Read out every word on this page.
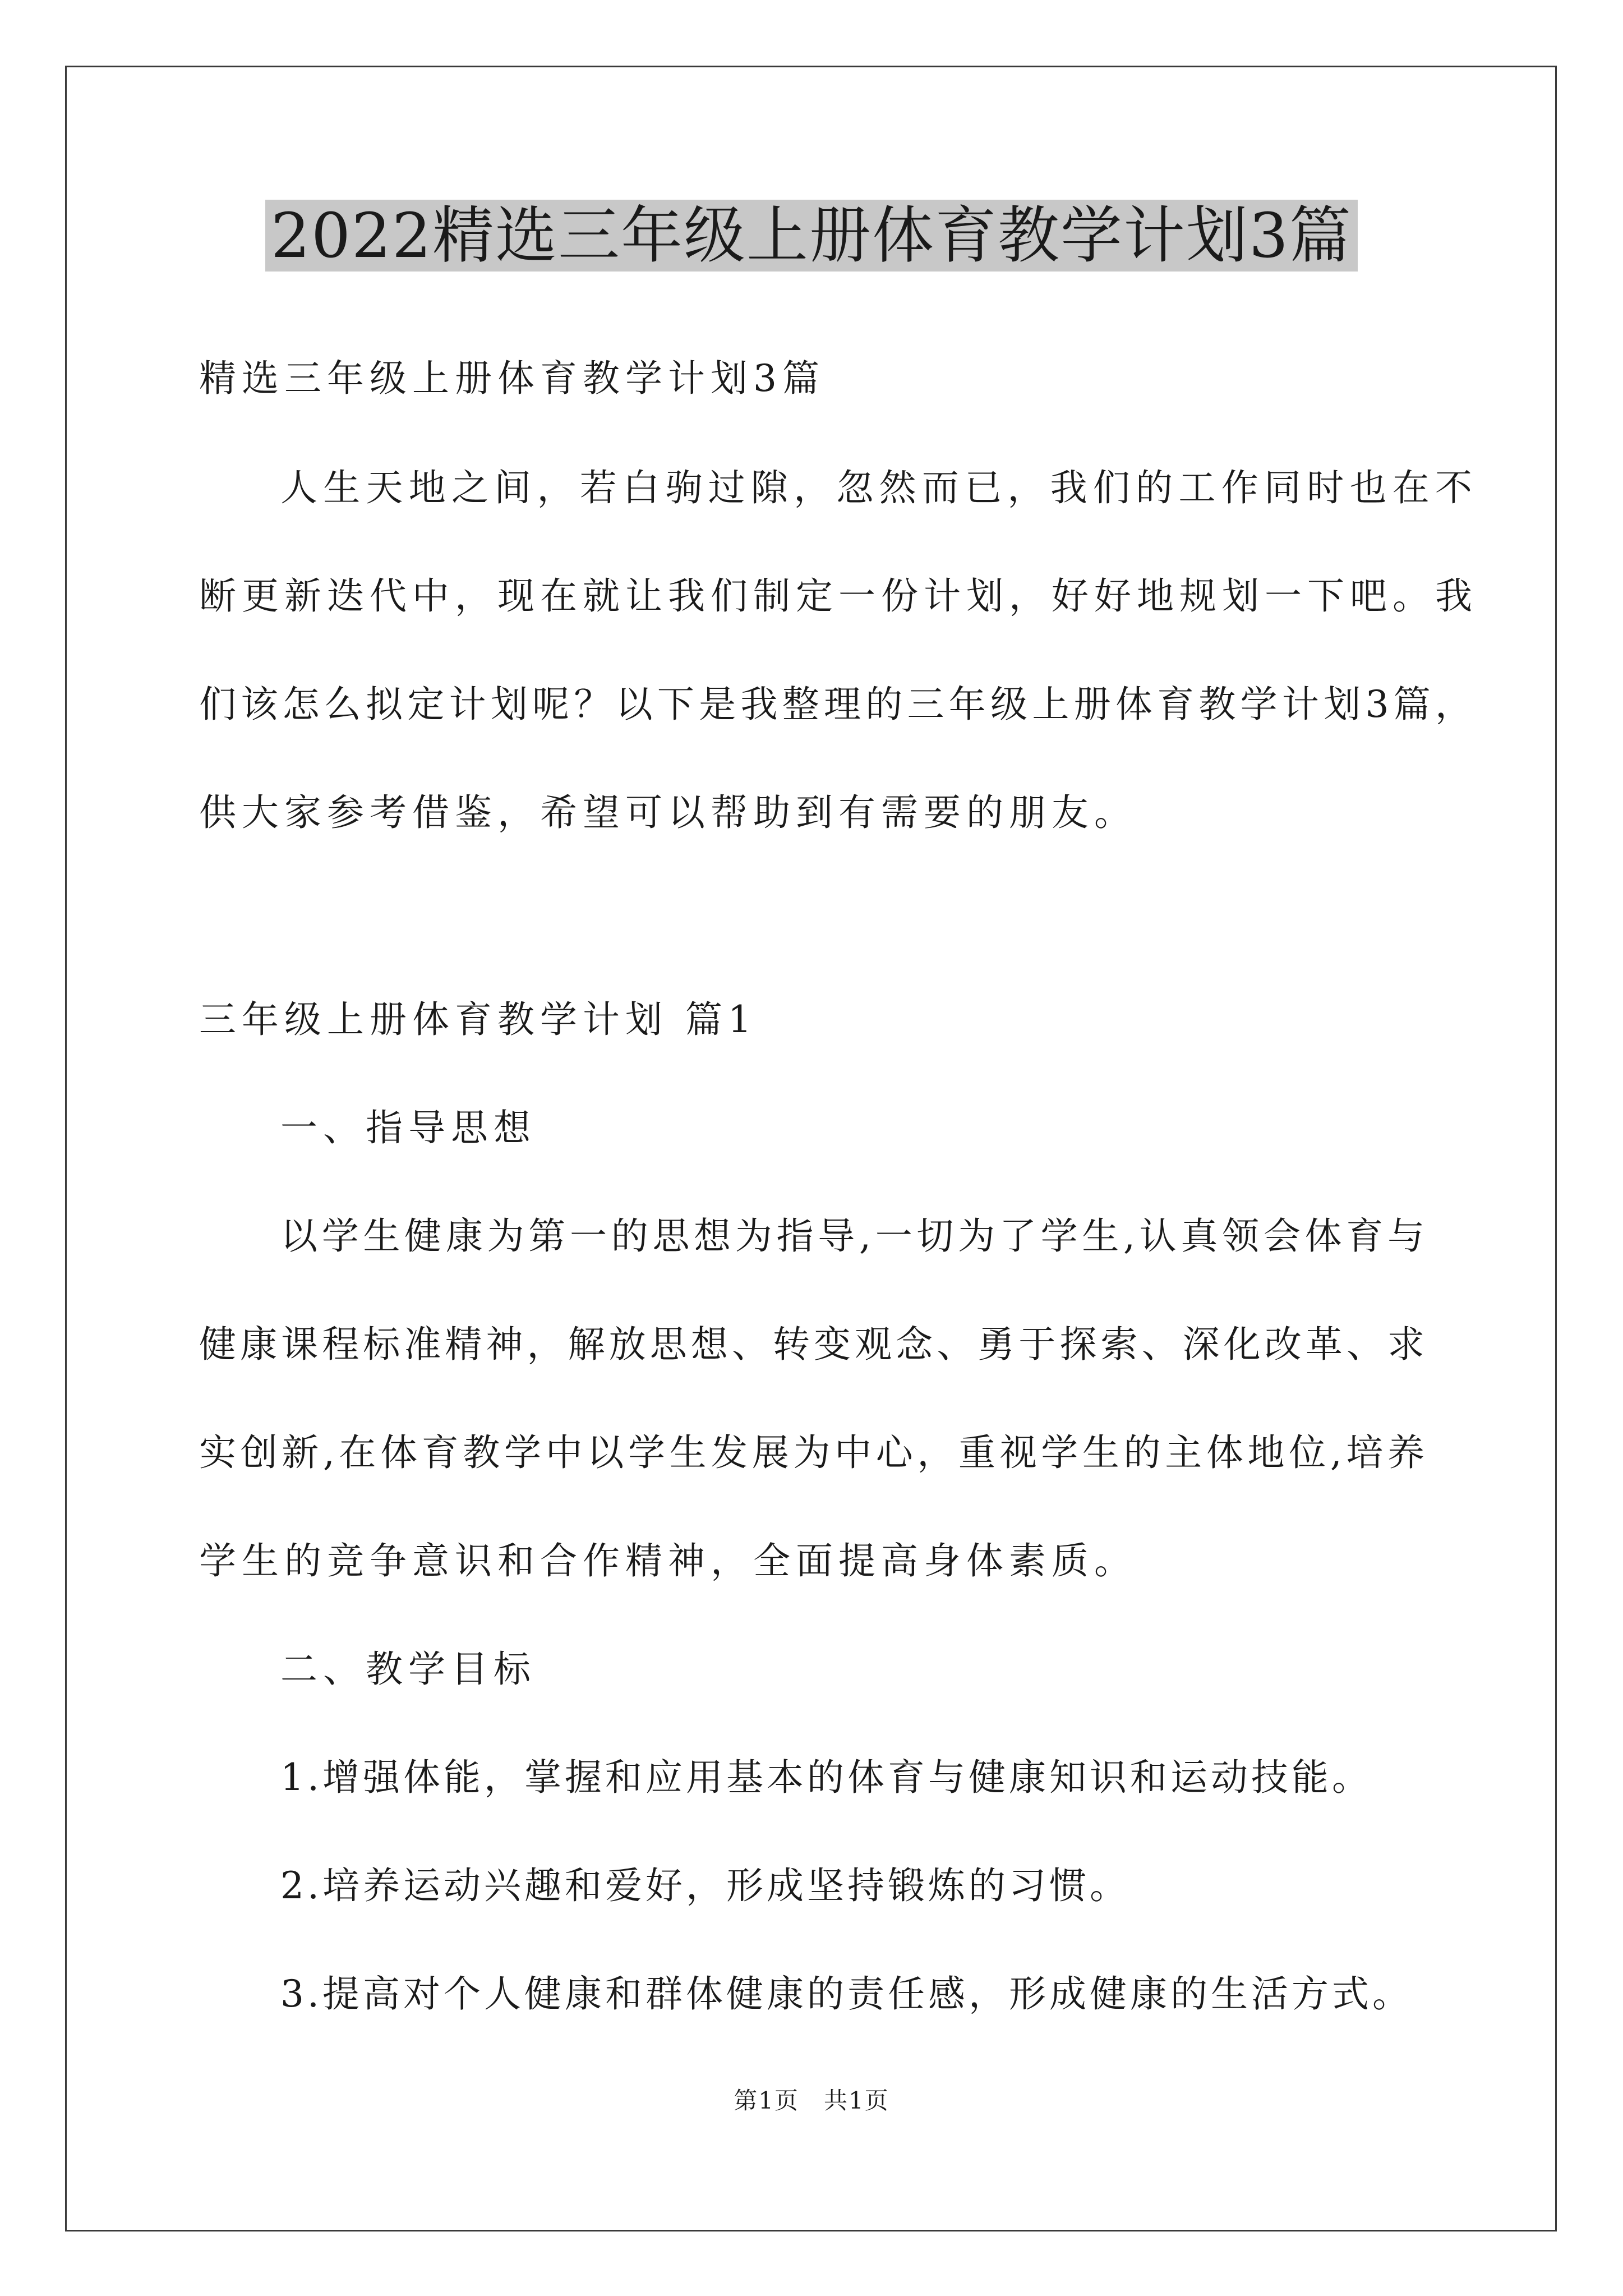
2022精选三年级上册体育教学计划3篇
精选三年级上册体育教学计划3篇
人生天地之间，若白驹过隙，忽然而已，我们的工作同时也在不
断更新迭代中，现在就让我们制定一份计划，好好地规划一下吧。我
们该怎么拟定计划呢？以下是我整理的三年级上册体育教学计划3篇，
供大家参考借鉴，希望可以帮助到有需要的朋友。
三年级上册体育教学计划 篇1
一、指导思想
以学生健康为第一的思想为指导,一切为了学生,认真领会体育与
健康课程标准精神，解放思想、转变观念、勇于探索、深化改革、求
实创新,在体育教学中以学生发展为中心，重视学生的主体地位,培养
学生的竞争意识和合作精神，全面提高身体素质。
二、教学目标
1.增强体能，掌握和应用基本的体育与健康知识和运动技能。
2.培养运动兴趣和爱好，形成坚持锻炼的习惯。
3.提高对个人健康和群体健康的责任感，形成健康的生活方式。
第1页　共1页
